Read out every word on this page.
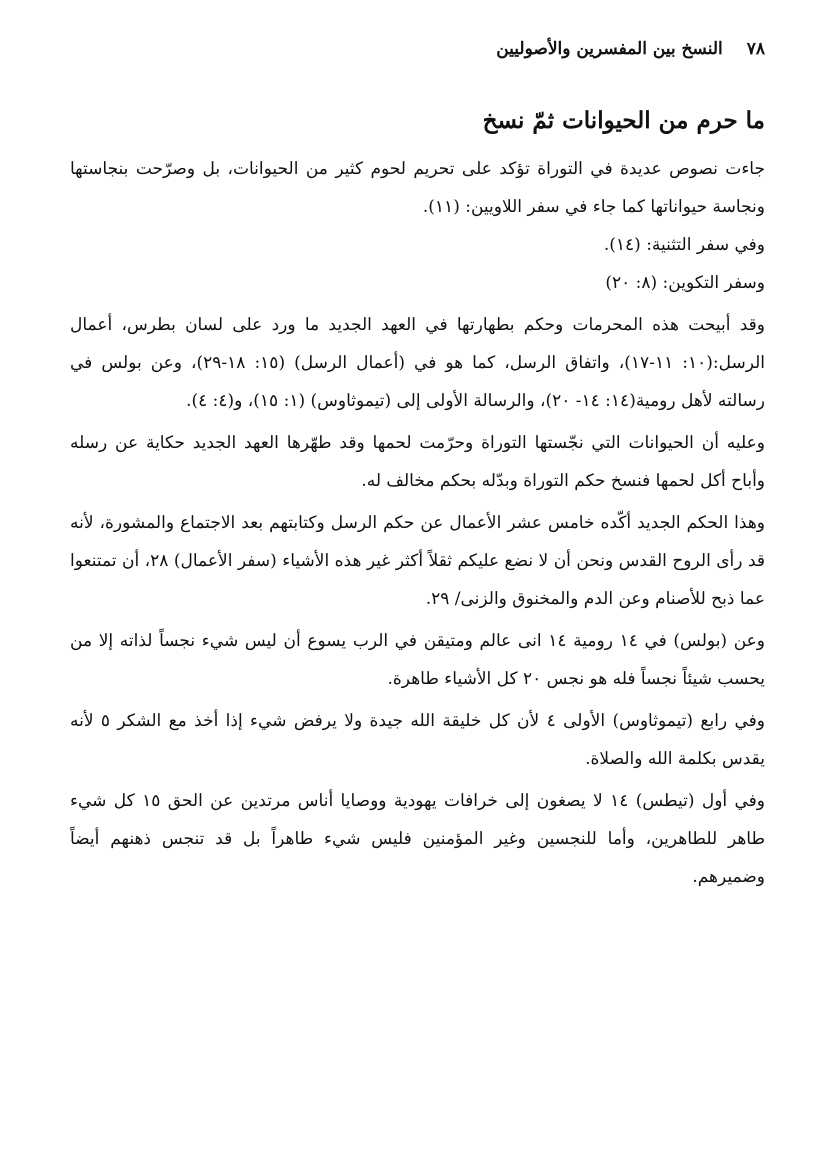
٧٨النسخ بين المفسرين والأصوليين
ما حرم من الحيوانات ثمّ نسخ

جاءت نصوص عديدة في التوراة تؤكد على تحريم لحوم كثير من الحيوانات، بل وصرّحت بنجاستها ونجاسة حيواناتها كما جاء في سفر اللاويين: (١١).

وفي سفر التثنية: (١٤).

وسفر التكوين: (٨: ٢٠)

وقد أبيحت هذه المحرمات وحكم بطهارتها في العهد الجديد ما ورد على لسان بطرس، أعمال الرسل:(١٠: ١١-١٧)، واتفاق الرسل، كما هو في (أعمال الرسل) (١٥: ١٨-٢٩)، وعن بولس في رسالته لأهل رومية(١٤: ١٤- ٢٠)، والرسالة الأولى إلى (تيموثاوس) (١: ١٥)، و(٤: ٤).

وعليه أن الحيوانات التي نجّستها التوراة وحرّمت لحمها وقد طهّرها العهد الجديد حكاية عن رسله وأباح أكل لحمها فنسخ حكم التوراة وبدّله بحكم مخالف له.

وهذا الحكم الجديد أكّده خامس عشر الأعمال عن حكم الرسل وكتابتهم بعد الاجتماع والمشورة، لأنه قد رأى الروح القدس ونحن أن لا نضع عليكم ثقلاً أكثر غير هذه الأشياء (سفر الأعمال) ٢٨، أن تمتنعوا عما ذبح للأصنام وعن الدم والمخنوق والزنى/ ٢٩.

وعن (بولس) في ١٤ رومية ١٤ انى عالم ومتيقن في الرب يسوع أن ليس شيء نجساً لذاته إلا من يحسب شيئاً نجساً فله هو نجس ٢٠ كل الأشياء طاهرة.

وفي رابع (تيموثاوس) الأولى ٤ لأن كل خليقة الله جيدة ولا يرفض شيء إذا أخذ مع الشكر ٥ لأنه يقدس بكلمة الله والصلاة.

وفي أول (تيطس) ١٤ لا يصغون إلى خرافات يهودية ووصايا أناس مرتدين عن الحق ١٥ كل شيء طاهر للطاهرين، وأما للنجسين وغير المؤمنين فليس شيء طاهراً بل قد تنجس ذهنهم أيضاً وضميرهم.
